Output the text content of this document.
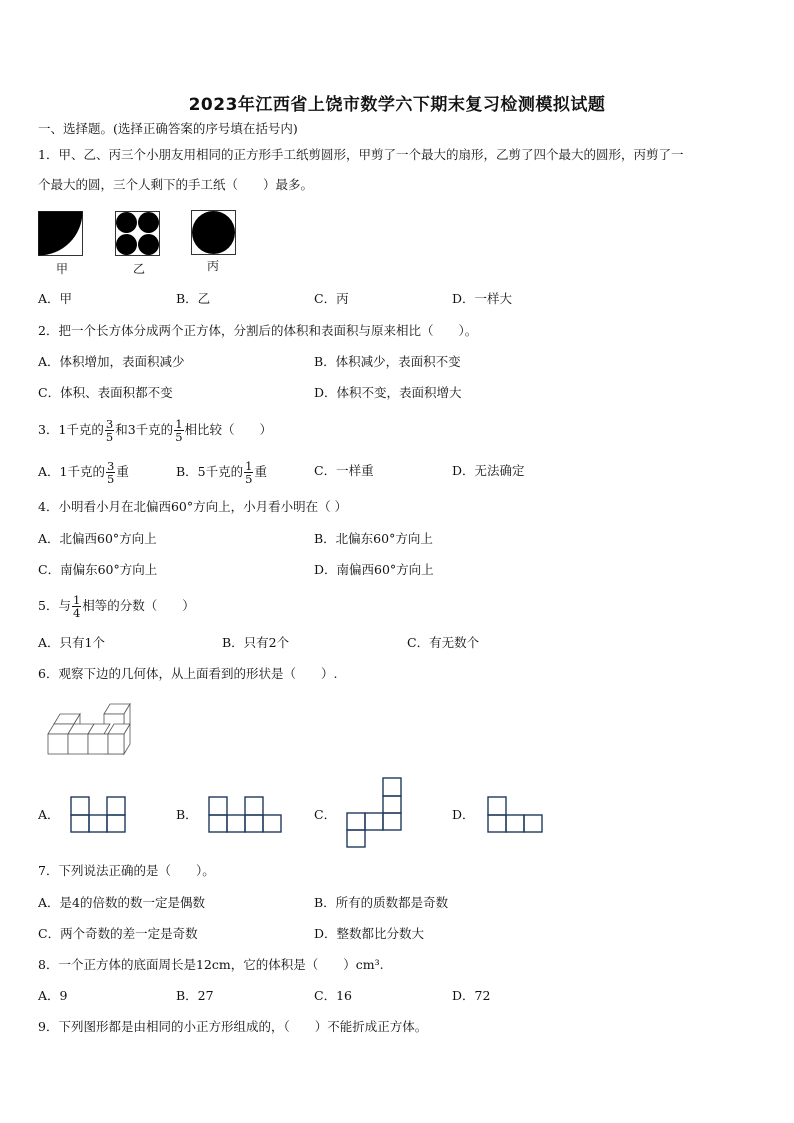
2023年江西省上饶市数学六下期末复习检测模拟试题
一、选择题。(选择正确答案的序号填在括号内)
1．甲、乙、丙三个小朋友用相同的正方形手工纸剪圆形，甲剪了一个最大的扇形，乙剪了四个最大的圆形，丙剪了一
个最大的圆，三个人剩下的手工纸（　　）最多。
甲	乙	丙
A．甲	B．乙	C．丙	D．一样大
2．把一个长方体分成两个正方体，分割后的体积和表面积与原来相比（　　）。
A．体积增加，表面积减少	B．体积减少，表面积不变
C．体积、表面积都不变	D．体积不变，表面积增大
3．1千克的 $\frac{3}{5}$ 和3千克的 $\frac{1}{5}$ 相比较（　　）
A．1千克的 $\frac{3}{5}$ 重	B．5千克的 $\frac{1}{5}$ 重	C．一样重	D．无法确定
4．小明看小月在北偏西60°方向上，小月看小明在（ ）
A．北偏西60°方向上	B．北偏东60°方向上
C．南偏东60°方向上	D．南偏西60°方向上
5．与 $\frac{1}{4}$ 相等的分数（　　）
A．只有1个	B．只有2个	C．有无数个
6．观察下边的几何体，从上面看到的形状是（　　）.
A．	B．	C．	D．
7．下列说法正确的是（　　）。
A．是4的倍数的数一定是偶数	B．所有的质数都是奇数
C．两个奇数的差一定是奇数	D．整数都比分数大
8．一个正方体的底面周长是12cm，它的体积是（　　）cm³.
A．9	B．27	C．16	D．72
9．下列图形都是由相同的小正方形组成的，（　　）不能折成正方体。
